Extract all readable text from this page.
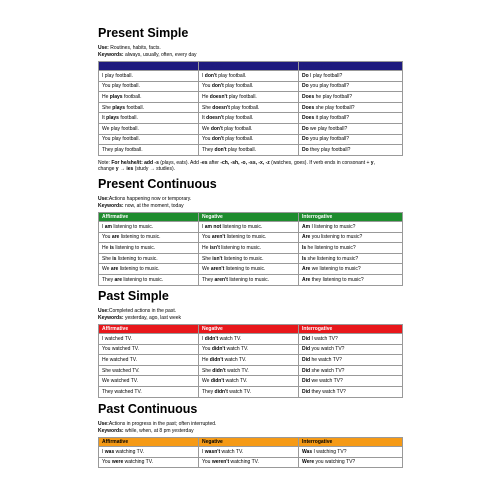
Present Simple
Use: Routines, habits, facts.
Keywords: always, usually, often, every day
Affirmative	Negative	Interrogative
I play football.	I don't play football.	Do I play football?
You play football.	You don't play football.	Do you play football?
He plays football.	He doesn't play football.	Does he play football?
She plays football.	She doesn't play football.	Does she play football?
It plays football.	It doesn't play football.	Does it play football?
We play football.	We don't play football.	Do we play football?
You play football.	You don't play football.	Do you play football?
They play football.	They don't play football.	Do they play football?
Note: For he/she/it: add -s (plays, eats). Add -es after -ch, -sh, -o, -ss, -x, -z (watches, goes). If verb ends in consonant + y,
change y → ies (study → studies).
Present Continuous
Use:Actions happening now or temporary.
Keywords: now, at the moment, today
Affirmative	Negative	Interrogative
I am listening to music.	I am not listening to music.	Am I listening to music?
You are listening to music.	You aren't listening to music.	Are you listening to music?
He is listening to music.	He isn't listening to music.	Is he listening to music?
She is listening to music.	She isn't listening to music.	Is she listening to music?
We are listening to music.	We aren't listening to music.	Are we listening to music?
They are listening to music.	They aren't listening to music.	Are they listening to music?
Past Simple
Use:Completed actions in the past.
Keywords: yesterday, ago, last week
Affirmative	Negative	Interrogative
I watched TV.	I didn't watch TV.	Did I watch TV?
You watched TV.	You didn't watch TV.	Did you watch TV?
He watched TV.	He didn't watch TV.	Did he watch TV?
She watched TV.	She didn't watch TV.	Did she watch TV?
We watched TV.	We didn't watch TV.	Did we watch TV?
They watched TV.	They didn't watch TV.	Did they watch TV?
Past Continuous
Use:Actions in progress in the past; often interrupted.
Keywords: while, when, at 8 pm yesterday
Affirmative	Negative	Interrogative
I was watching TV.	I wasn't watch TV.	Was I watching TV?
You were watching TV.	You weren't watching TV.	Were you watching TV?
